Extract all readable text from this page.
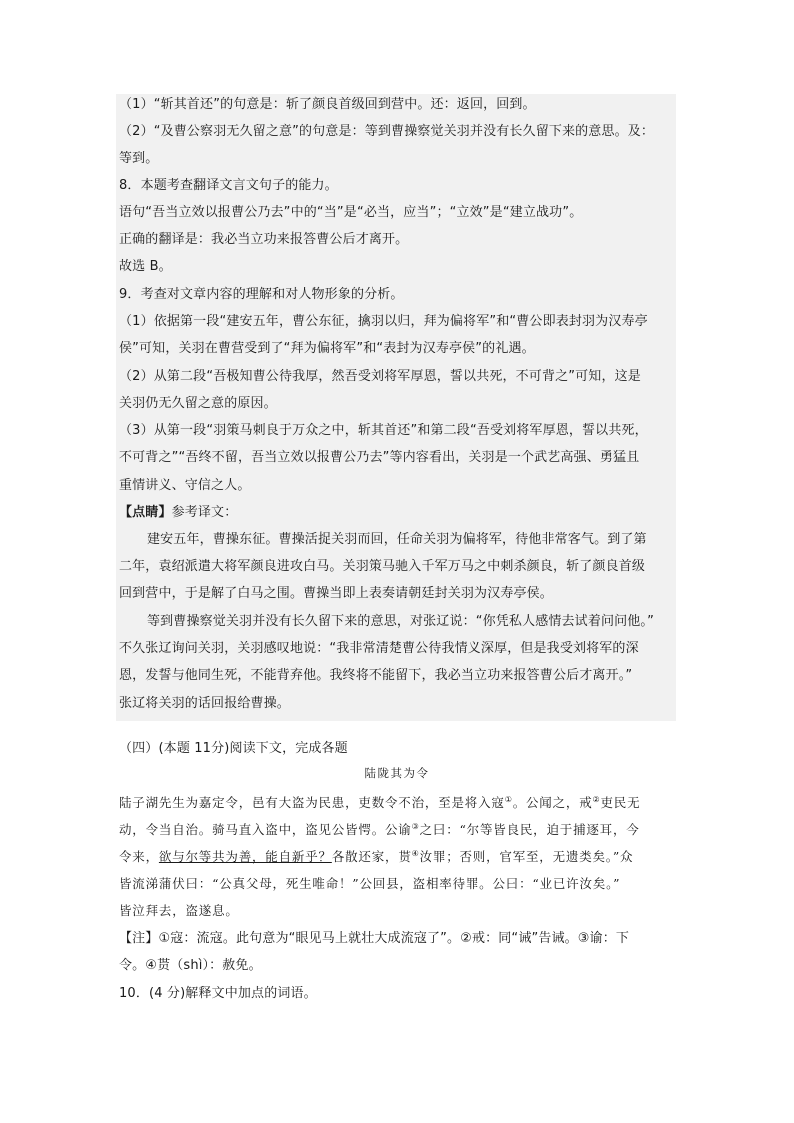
（1）“斩其首还”的句意是：斩了颜良首级回到营中。还：返回，回到。
（2）“及曹公察羽无久留之意”的句意是：等到曹操察觉关羽并没有长久留下来的意思。及：
等到。
8．本题考查翻译文言文句子的能力。
语句“吾当立效以报曹公乃去”中的“当”是“必当，应当”；“立效”是“建立战功”。
正确的翻译是：我必当立功来报答曹公后才离开。
故选 B。
9．考查对文章内容的理解和对人物形象的分析。
（1）依据第一段“建安五年，曹公东征，擒羽以归，拜为偏将军”和“曹公即表封羽为汉寿亭
侯”可知，关羽在曹营受到了“拜为偏将军”和“表封为汉寿亭侯”的礼遇。
（2）从第二段“吾极知曹公待我厚，然吾受刘将军厚恩，誓以共死，不可背之”可知，这是
关羽仍无久留之意的原因。
（3）从第一段“羽策马刺良于万众之中，斩其首还”和第二段“吾受刘将军厚恩，誓以共死，
不可背之”“吾终不留，吾当立效以报曹公乃去”等内容看出，关羽是一个武艺高强、勇猛且
重情讲义、守信之人。
【点睛】参考译文：
建安五年，曹操东征。曹操活捉关羽而回，任命关羽为偏将军，待他非常客气。到了第
二年，袁绍派遣大将军颜良进攻白马。关羽策马驰入千军万马之中刺杀颜良，斩了颜良首级
回到营中，于是解了白马之围。曹操当即上表奏请朝廷封关羽为汉寿亭侯。
等到曹操察觉关羽并没有长久留下来的意思，对张辽说：“你凭私人感情去试着问问他。”
不久张辽询问关羽，关羽感叹地说：“我非常清楚曹公待我情义深厚，但是我受刘将军的深
恩，发誓与他同生死，不能背弃他。我终将不能留下，我必当立功来报答曹公后才离开。”
张辽将关羽的话回报给曹操。
（四）(本题 11分)阅读下文，完成各题
陆陇其为令
陆子湖先生为嘉定令，邑有大盗为民患，吏数令不治，至是将入寇①。公闻之，戒②吏民无
动，令当自治。骑马直入盗中，盗见公皆愕。公谕③之曰：“尔等皆良民，迫于捕逐耳，今
令来，欲与尔等共为善，能自新乎？各散还家，贳④汝罪；否则，官军至，无遗类矣。”众
皆流涕蒲伏曰：“公真父母，死生唯命！”公回县，盗相率待罪。公曰：“业已许汝矣。”
皆泣拜去，盗遂息。
【注】①寇：流寇。此句意为“眼见马上就壮大成流寇了”。②戒：同“诫”告诫。③谕：下
令。④贳（shì）：赦免。
10．(4 分)解释文中加点的词语。
